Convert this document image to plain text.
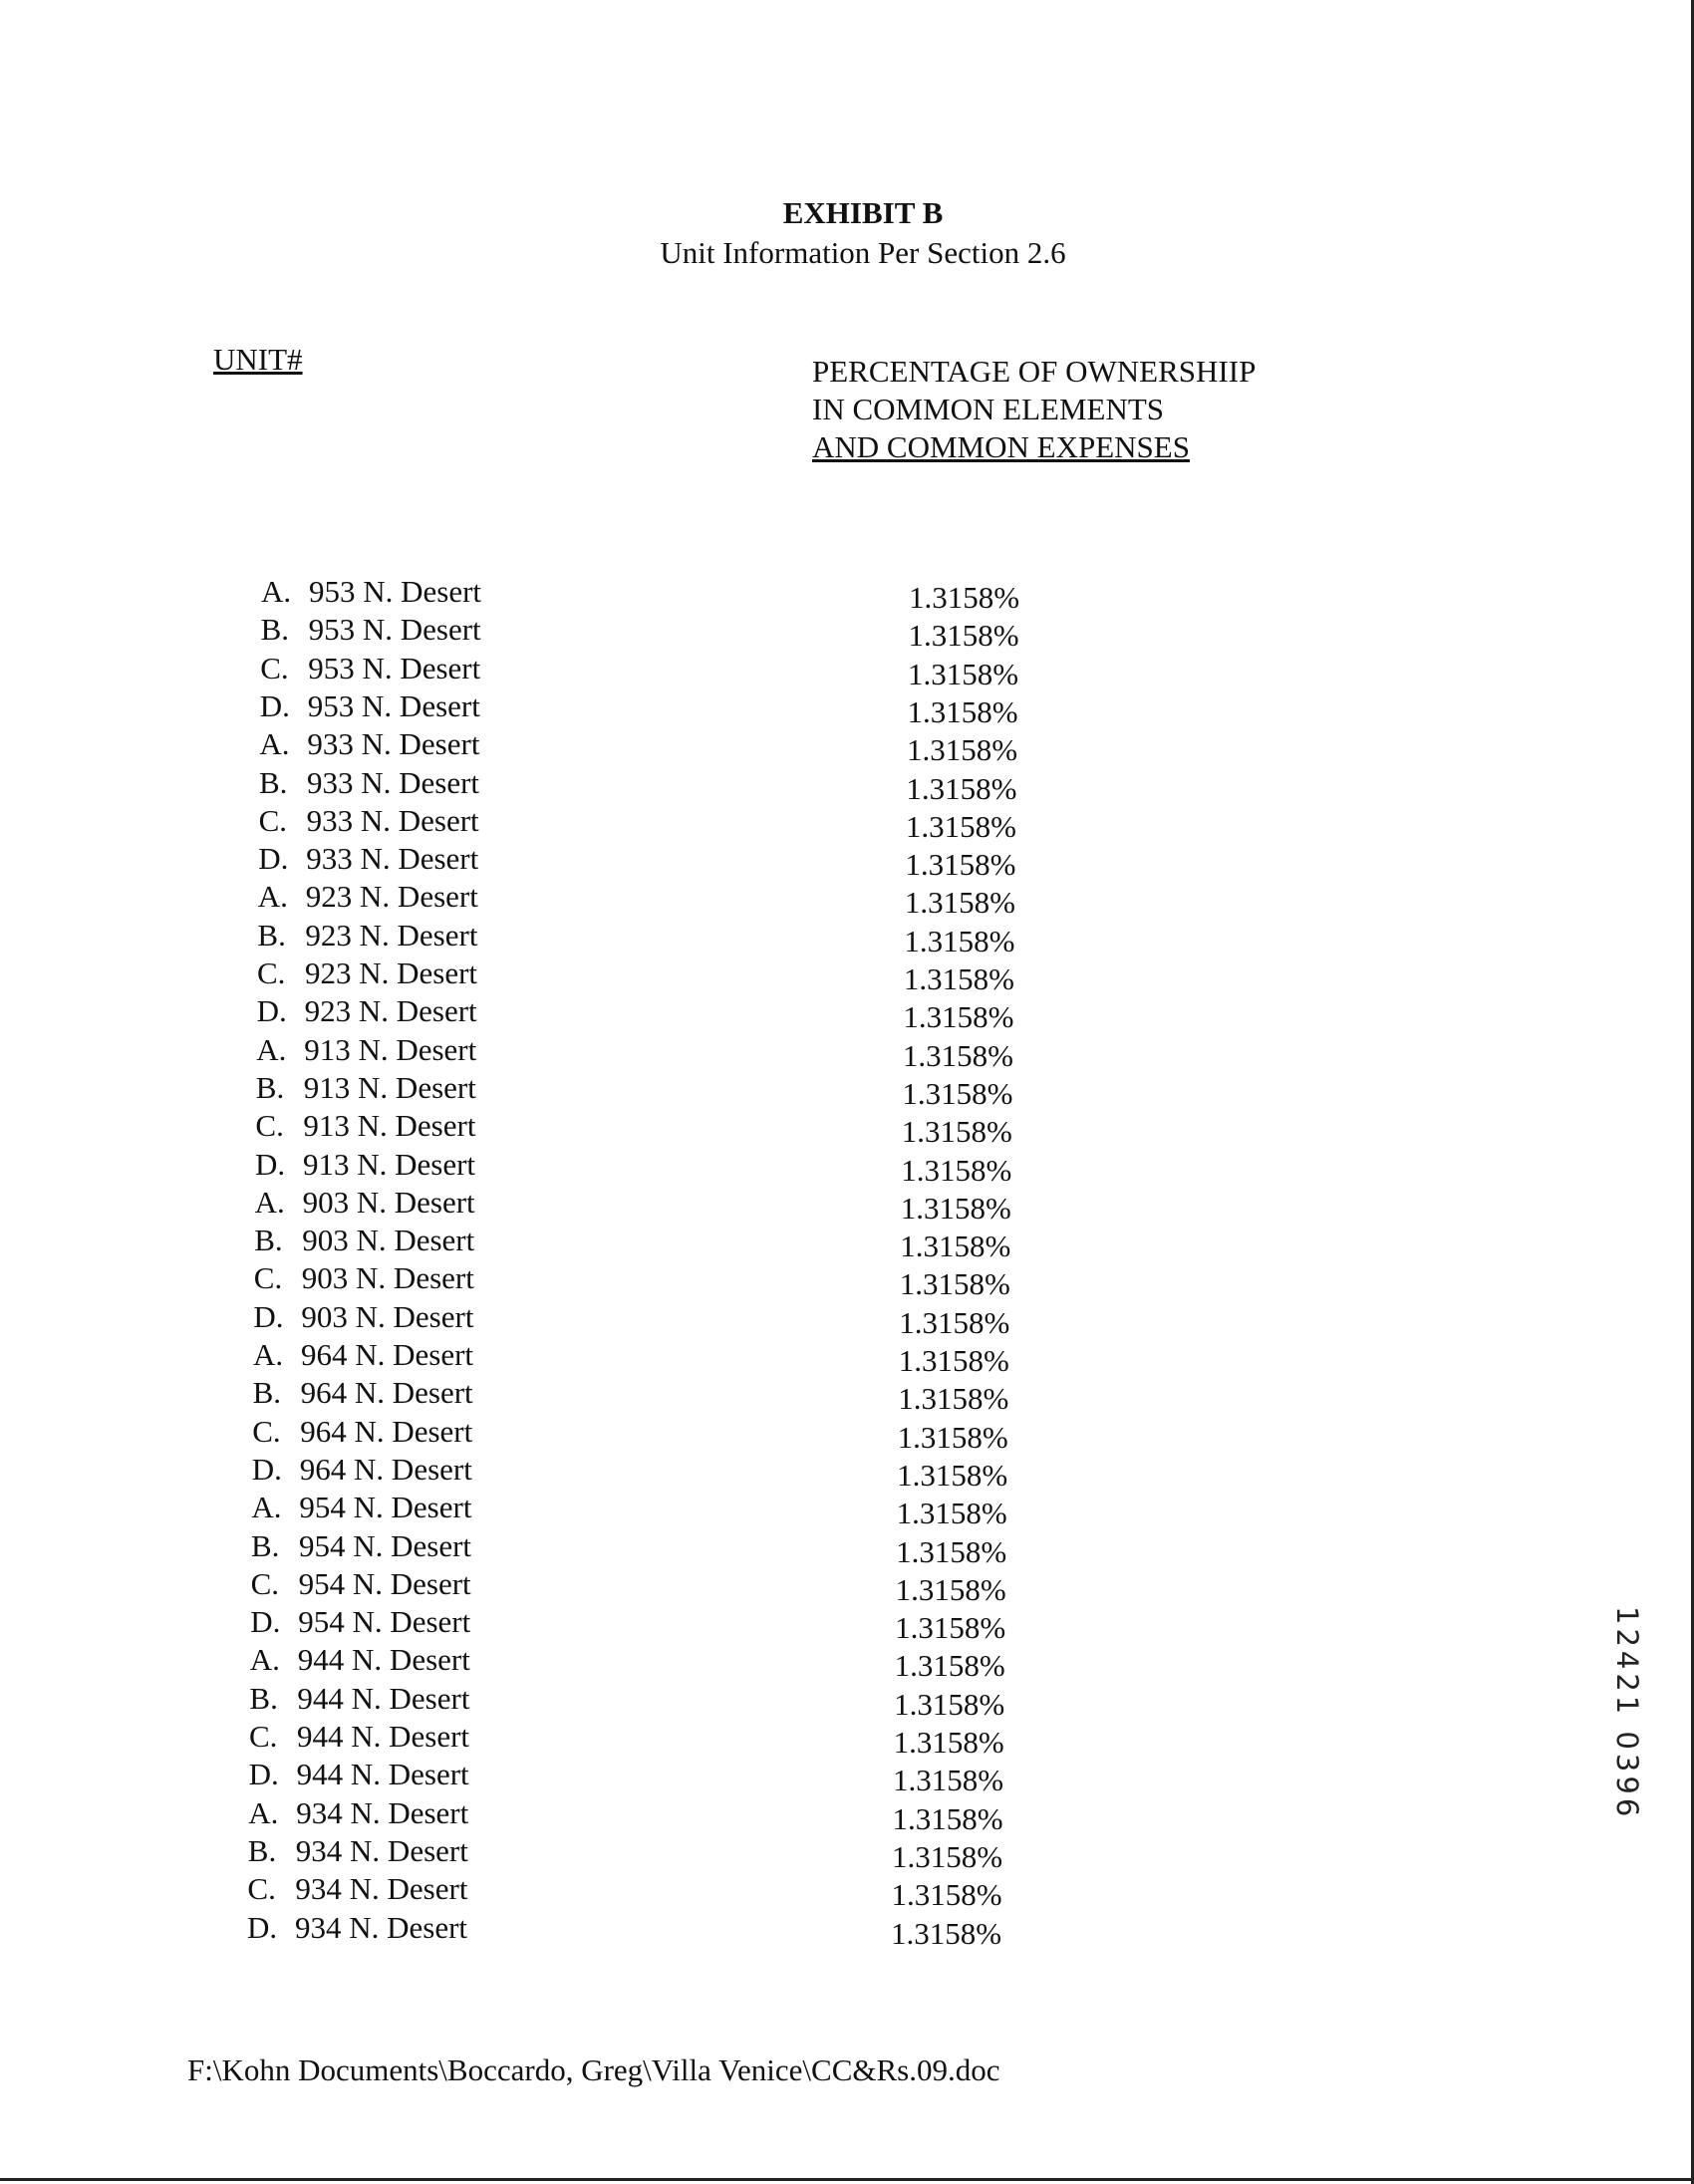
EXHIBIT B
Unit Information Per Section 2.6
UNIT#	PERCENTAGE OF OWNERSHIIP
IN COMMON ELEMENTS
AND COMMON EXPENSES
A. 953 N. Desert	1.3158%
B. 953 N. Desert	1.3158%
C. 953 N. Desert	1.3158%
D. 953 N. Desert	1.3158%
A. 933 N. Desert	1.3158%
B. 933 N. Desert	1.3158%
C. 933 N. Desert	1.3158%
D. 933 N. Desert	1.3158%
A. 923 N. Desert	1.3158%
B. 923 N. Desert	1.3158%
C. 923 N. Desert	1.3158%
D. 923 N. Desert	1.3158%
A. 913 N. Desert	1.3158%
B. 913 N. Desert	1.3158%
C. 913 N. Desert	1.3158%
D. 913 N. Desert	1.3158%
A. 903 N. Desert	1.3158%
B. 903 N. Desert	1.3158%
C. 903 N. Desert	1.3158%
D. 903 N. Desert	1.3158%
A. 964 N. Desert	1.3158%
B. 964 N. Desert	1.3158%
C. 964 N. Desert	1.3158%
D. 964 N. Desert	1.3158%
A. 954 N. Desert	1.3158%
B. 954 N. Desert	1.3158%
C. 954 N. Desert	1.3158%
D. 954 N. Desert	1.3158%
A. 944 N. Desert	1.3158%
B. 944 N. Desert	1.3158%
C. 944 N. Desert	1.3158%
D. 944 N. Desert	1.3158%
A. 934 N. Desert	1.3158%
B. 934 N. Desert	1.3158%
C. 934 N. Desert	1.3158%
D. 934 N. Desert	1.3158%
12421 0396
F:\Kohn Documents\Boccardo, Greg\Villa Venice\CC&Rs.09.doc
